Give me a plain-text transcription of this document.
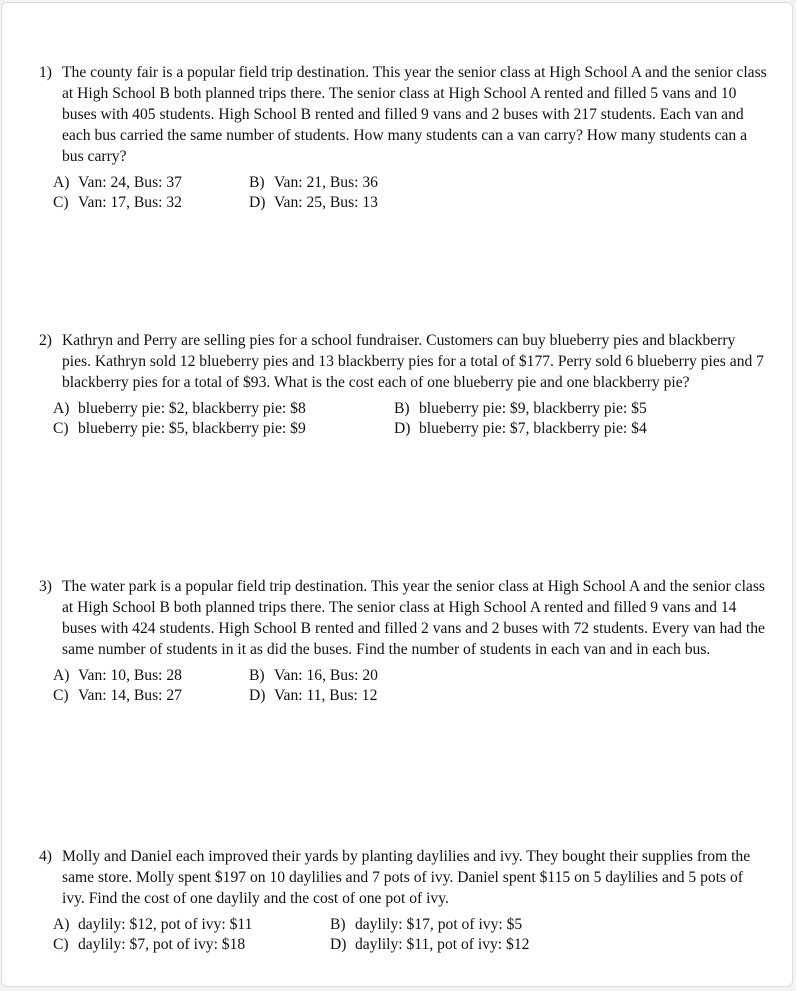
1) The county fair is a popular field trip destination. This year the senior class at High School A and the senior class at High School B both planned trips there. The senior class at High School A rented and filled 5 vans and 10 buses with 405 students. High School B rented and filled 9 vans and 2 buses with 217 students. Each van and each bus carried the same number of students. How many students can a van carry? How many students can a bus carry?

A) Van: 24, Bus: 37	B) Van: 21, Bus: 36
C) Van: 17, Bus: 32	D) Van: 25, Bus: 13
2) Kathryn and Perry are selling pies for a school fundraiser. Customers can buy blueberry pies and blackberry pies. Kathryn sold 12 blueberry pies and 13 blackberry pies for a total of $177. Perry sold 6 blueberry pies and 7 blackberry pies for a total of $93. What is the cost each of one blueberry pie and one blackberry pie?

A) blueberry pie: $2, blackberry pie: $8	B) blueberry pie: $9, blackberry pie: $5
C) blueberry pie: $5, blackberry pie: $9	D) blueberry pie: $7, blackberry pie: $4
3) The water park is a popular field trip destination. This year the senior class at High School A and the senior class at High School B both planned trips there. The senior class at High School A rented and filled 9 vans and 14 buses with 424 students. High School B rented and filled 2 vans and 2 buses with 72 students. Every van had the same number of students in it as did the buses. Find the number of students in each van and in each bus.

A) Van: 10, Bus: 28	B) Van: 16, Bus: 20
C) Van: 14, Bus: 27	D) Van: 11, Bus: 12
4) Molly and Daniel each improved their yards by planting daylilies and ivy. They bought their supplies from the same store. Molly spent $197 on 10 daylilies and 7 pots of ivy. Daniel spent $115 on 5 daylilies and 5 pots of ivy. Find the cost of one daylily and the cost of one pot of ivy.

A) daylily: $12, pot of ivy: $11	B) daylily: $17, pot of ivy: $5
C) daylily: $7, pot of ivy: $18	D) daylily: $11, pot of ivy: $12
